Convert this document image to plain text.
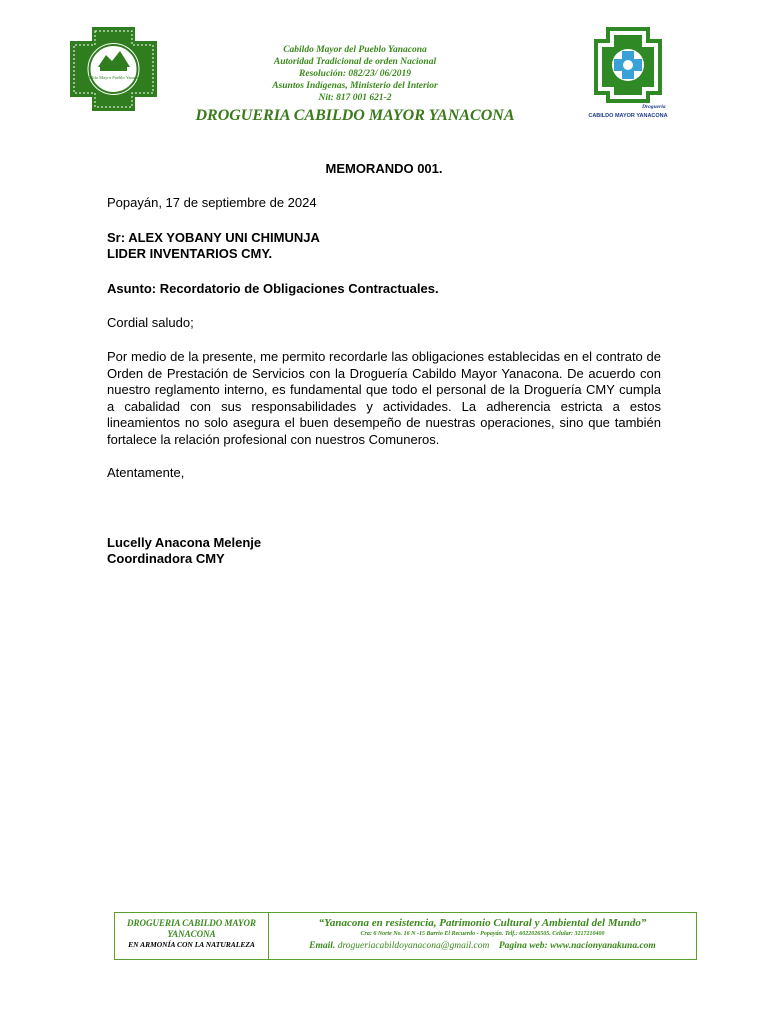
Cabildo Mayor Pueblo Yanacona
Cabildo Mayor del Pueblo Yanacona
Autoridad Tradicional de orden Nacional
Resolución: 082/23/ 06/2019
Asuntos Indígenas, Ministerio del Interior
Nit: 817 001 621-2
DROGUERIA CABILDO MAYOR YANACONA	Drogueria
CABILDO MAYOR YANACONA
MEMORANDO 001.
Popayán, 17 de septiembre de 2024
Sr: ALEX YOBANY UNI CHIMUNJA
LIDER INVENTARIOS CMY.
Asunto: Recordatorio de Obligaciones Contractuales.
Cordial saludo;
Por medio de la presente, me permito recordarle las obligaciones establecidas en el contrato de Orden de Prestación de Servicios con la Droguería Cabildo Mayor Yanacona. De acuerdo con nuestro reglamento interno, es fundamental que todo el personal de la Droguería CMY cumpla a cabalidad con sus responsabilidades y actividades. La adherencia estricta a estos lineamientos no solo asegura el buen desempeño de nuestras operaciones, sino que también fortalece la relación profesional con nuestros Comuneros.
Atentamente,
Lucelly Anacona Melenje
Coordinadora CMY
DROGUERIA CABILDO MAYOR YANACONA
EN ARMONÍA CON LA NATURALEZA
“Yanacona en resistencia, Patrimonio Cultural y Ambiental del Mundo”
Cra: 6 Norte No. 16 N -15 Barrio El Recuerdo - Popayán. Telf.: 6022026505. Celular: 3217210400
Email. drogueriacabildoyanacona@gmail.com Pagina web: www.nacionyanakuna.com
